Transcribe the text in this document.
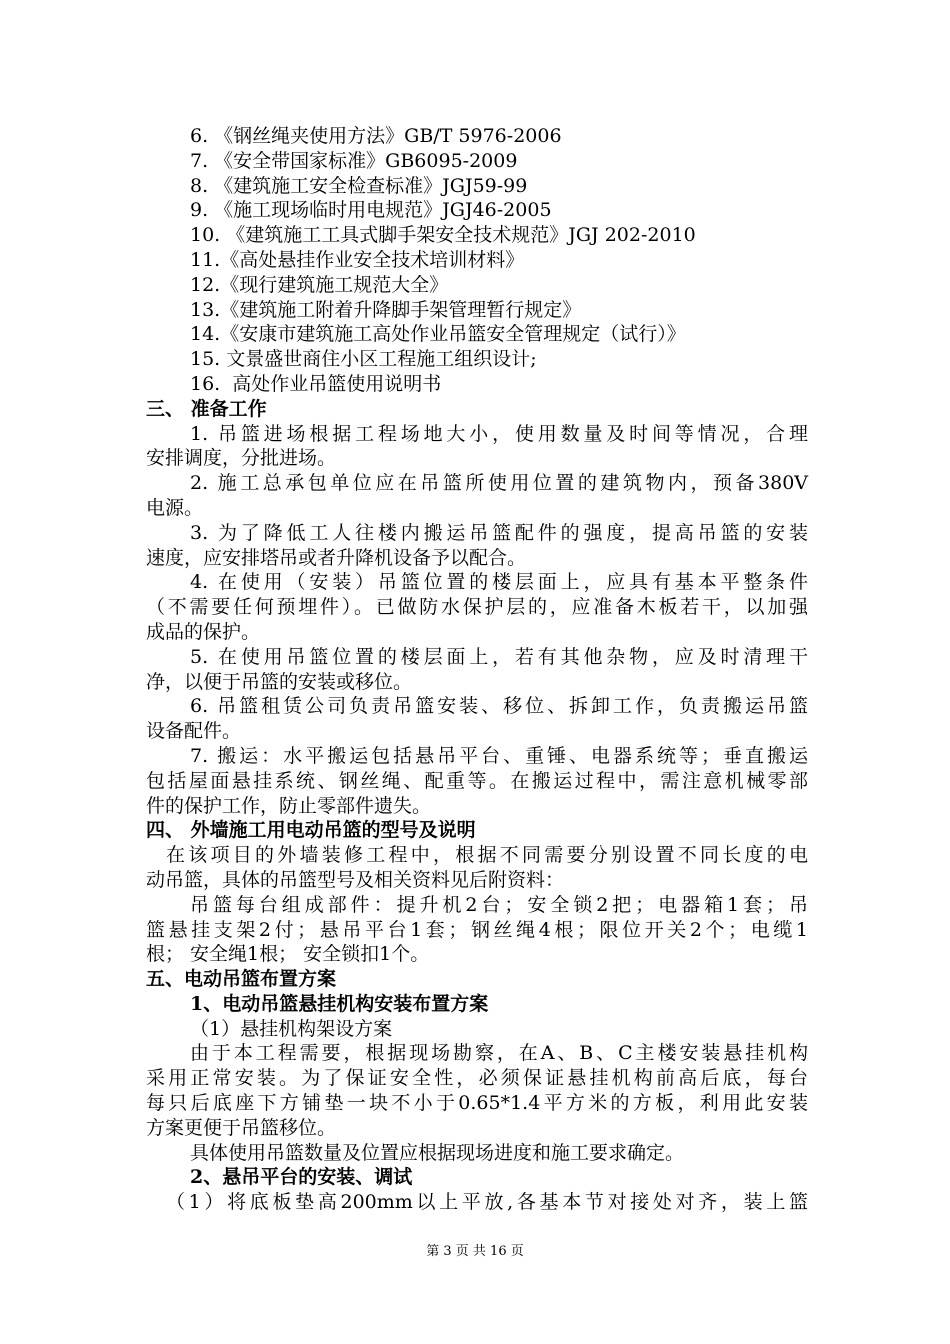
6. 《钢丝绳夹使用方法》GB/T 5976-2006
7. 《安全带国家标准》GB6095-2009
8. 《建筑施工安全检查标准》JGJ59-99
9. 《施工现场临时用电规范》JGJ46-2005
10. 《建筑施工工具式脚手架安全技术规范》JGJ 202-2010
11.《高处悬挂作业安全技术培训材料》
12.《现行建筑施工规范大全》
13.《建筑施工附着升降脚手架管理暂行规定》
14.《安康市建筑施工高处作业吊篮安全管理规定（试行）》
15. 文景盛世商住小区工程施工组织设计;
16.  高处作业吊篮使用说明书
三、 准备工作
1. 吊篮进场根据工程场地大小，使用数量及时间等情况，合理
安排调度，分批进场。
2. 施工总承包单位应在吊篮所使用位置的建筑物内，预备380V
电源。
3. 为了降低工人往楼内搬运吊篮配件的强度，提高吊篮的安装
速度，应安排塔吊或者升降机设备予以配合。
4. 在使用（安装）吊篮位置的楼层面上，应具有基本平整条件
（不需要任何预埋件）。已做防水保护层的，应准备木板若干，以加强
成品的保护。
5. 在使用吊篮位置的楼层面上，若有其他杂物，应及时清理干
净，以便于吊篮的安装或移位。
6. 吊篮租赁公司负责吊篮安装、移位、拆卸工作，负责搬运吊篮
设备配件。
7. 搬运：水平搬运包括悬吊平台、重锤、电器系统等；垂直搬运
包括屋面悬挂系统、钢丝绳、配重等。在搬运过程中，需注意机械零部
件的保护工作，防止零部件遗失。
四、 外墙施工用电动吊篮的型号及说明
在该项目的外墙装修工程中，根据不同需要分别设置不同长度的电
动吊篮，具体的吊篮型号及相关资料见后附资料：
吊篮每台组成部件：提升机2台；安全锁2把；电器箱1套；吊
篮悬挂支架2付；悬吊平台1套；钢丝绳4根；限位开关2个；电缆1
根； 安全绳1根； 安全锁扣1个。
五、电动吊篮布置方案
1、电动吊篮悬挂机构安装布置方案
（1）悬挂机构架设方案
由于本工程需要，根据现场勘察，在A、B、C主楼安装悬挂机构
采用正常安装。为了保证安全性，必须保证悬挂机构前高后底，每台
每只后底座下方铺垫一块不小于0.65*1.4平方米的方板，利用此安装
方案更便于吊篮移位。
具体使用吊篮数量及位置应根据现场进度和施工要求确定。
2、悬吊平台的安装、调试
（1）将底板垫高200mm以上平放,各基本节对接处对齐，装上篮
第 3 页 共 16 页
